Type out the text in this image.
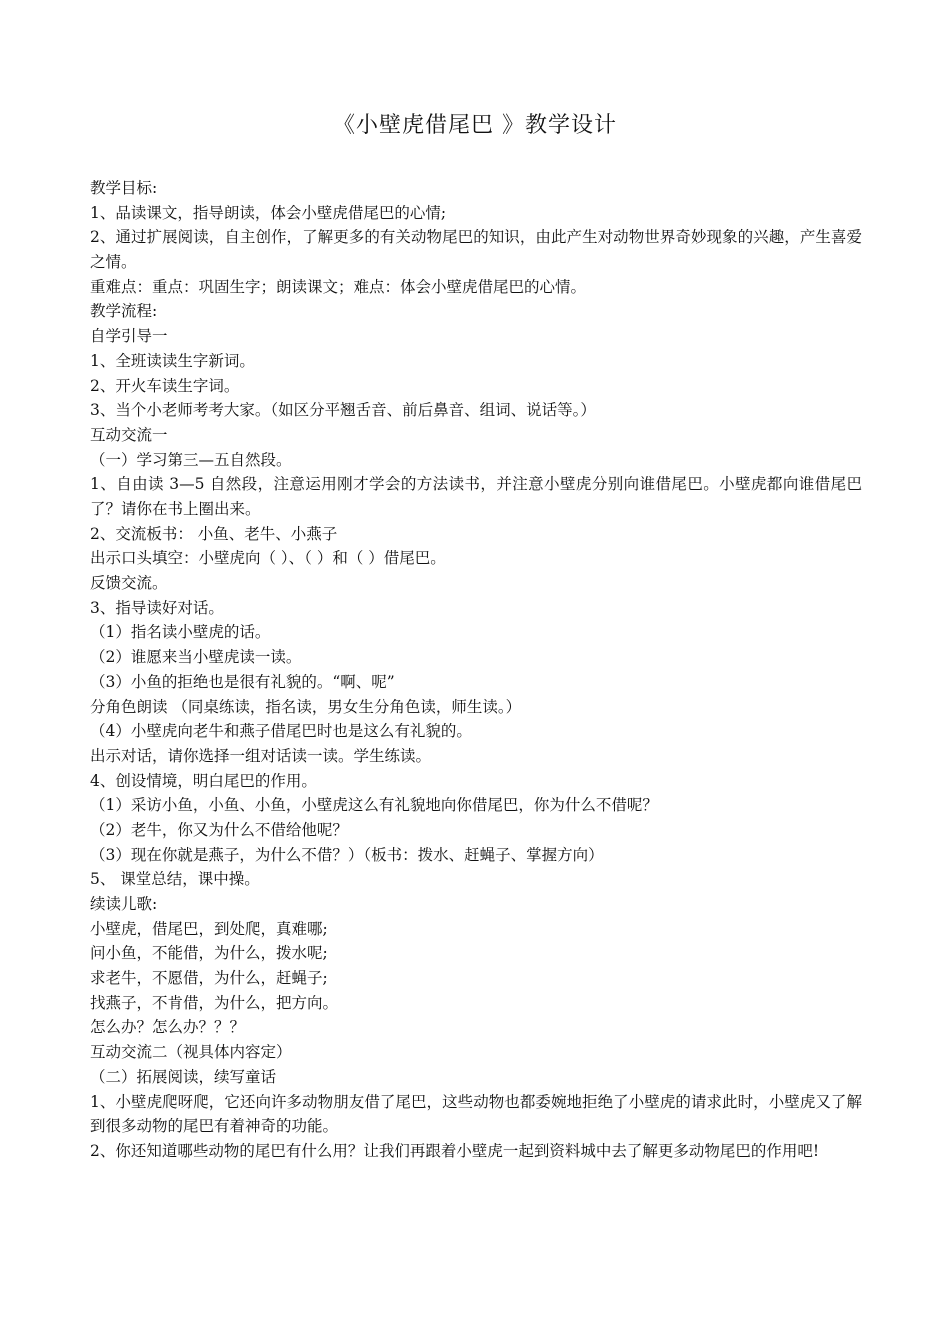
《小壁虎借尾巴 》教学设计
教学目标:
1、品读课文，指导朗读，体会小壁虎借尾巴的心情;
2、通过扩展阅读，自主创作，了解更多的有关动物尾巴的知识，由此产生对动物世界奇妙现象的兴趣，产生喜爱之情。
重难点：重点：巩固生字；朗读课文；难点：体会小壁虎借尾巴的心情。
教学流程:
自学引导一
1、全班读读生字新词。
2、开火车读生字词。
3、当个小老师考考大家。（如区分平翘舌音、前后鼻音、组词、说话等。）
互动交流一
（一）学习第三—五自然段。
1、自由读 3—5 自然段，注意运用刚才学会的方法读书，并注意小壁虎分别向谁借尾巴。小壁虎都向谁借尾巴了？请你在书上圈出来。
2、交流板书： 小鱼、老牛、小燕子
出示口头填空：小壁虎向（ ）、（ ）和（ ）借尾巴。
反馈交流。
3、指导读好对话。
（1）指名读小壁虎的话。
（2）谁愿来当小壁虎读一读。
（3）小鱼的拒绝也是很有礼貌的。“啊、呢”
分角色朗读 （同桌练读，指名读，男女生分角色读，师生读。）
（4）小壁虎向老牛和燕子借尾巴时也是这么有礼貌的。
出示对话，请你选择一组对话读一读。学生练读。
4、创设情境，明白尾巴的作用。
（1）采访小鱼，小鱼、小鱼，小壁虎这么有礼貌地向你借尾巴，你为什么不借呢？
（2）老牛，你又为什么不借给他呢？
（3）现在你就是燕子，为什么不借？）（板书：拨水、赶蝇子、掌握方向）
5、 课堂总结，课中操。
续读儿歌:
小壁虎，借尾巴，到处爬，真难哪;
问小鱼，不能借，为什么，拨水呢;
求老牛，不愿借，为什么，赶蝇子;
找燕子，不肯借，为什么，把方向。
怎么办？怎么办？？？
互动交流二（视具体内容定）
（二）拓展阅读，续写童话
1、小壁虎爬呀爬，它还向许多动物朋友借了尾巴，这些动物也都委婉地拒绝了小壁虎的请求此时，小壁虎又了解到很多动物的尾巴有着神奇的功能。
2、你还知道哪些动物的尾巴有什么用？让我们再跟着小壁虎一起到资料城中去了解更多动物尾巴的作用吧!
